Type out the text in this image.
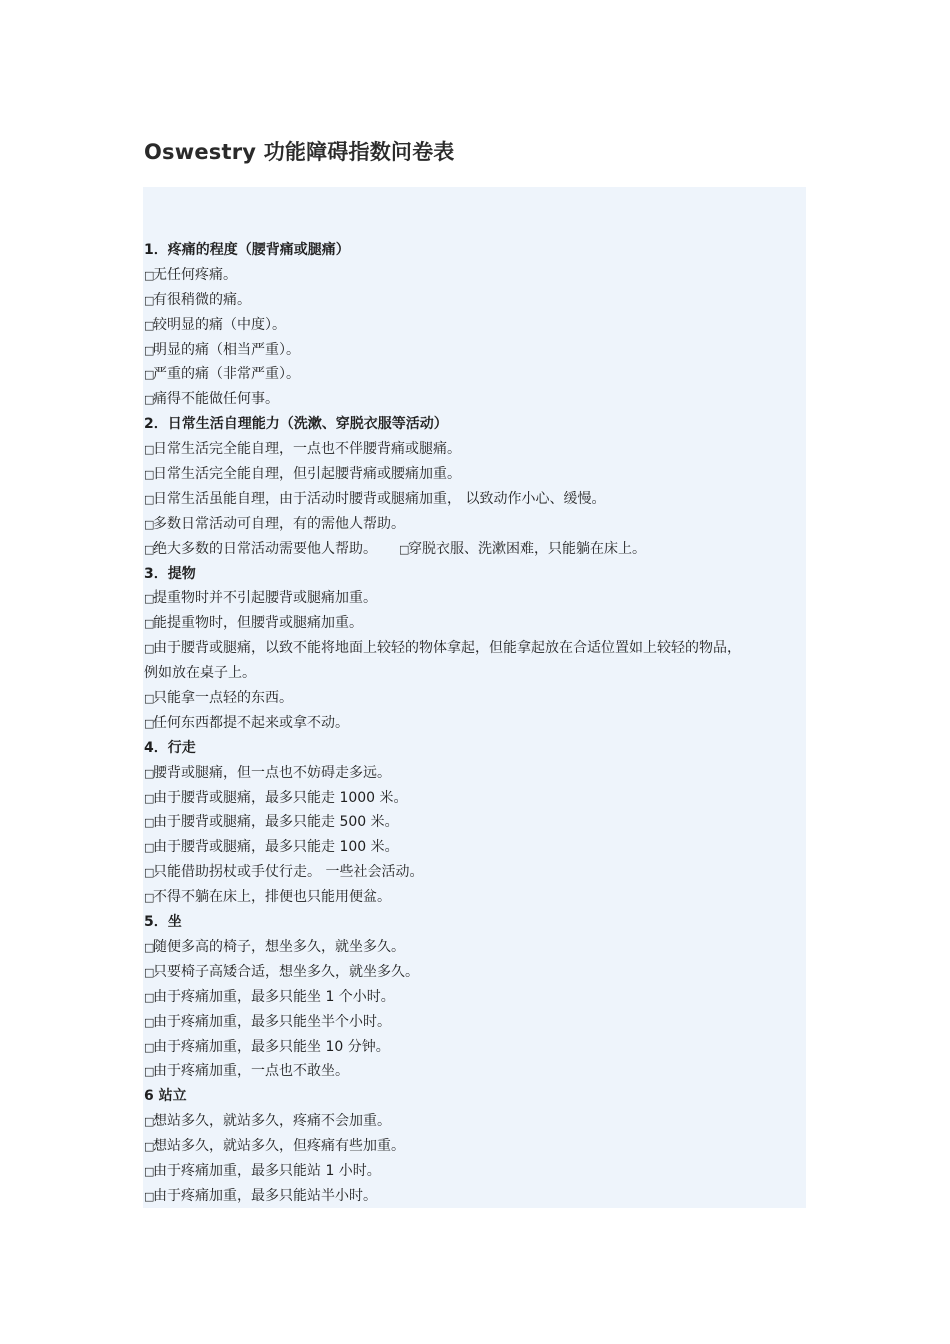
Oswestry 功能障碍指数问卷表
1．疼痛的程度（腰背痛或腿痛）
□无任何疼痛。
□有很稍微的痛。
□较明显的痛（中度）。
□明显的痛（相当严重）。
□严重的痛（非常严重）。
□痛得不能做任何事。
2．日常生活自理能力（洗漱、穿脱衣服等活动）
□日常生活完全能自理，一点也不伴腰背痛或腿痛。
□日常生活完全能自理，但引起腰背痛或腰痛加重。
□日常生活虽能自理，由于活动时腰背或腿痛加重， 以致动作小心、缓慢。
□多数日常活动可自理，有的需他人帮助。
□绝大多数的日常活动需要他人帮助。 □穿脱衣服、洗漱困难，只能躺在床上。
3．提物
□提重物时并不引起腰背或腿痛加重。
□能提重物时，但腰背或腿痛加重。
□由于腰背或腿痛，以致不能将地面上较轻的物体拿起，但能拿起放在合适位置如上较轻的物品，
例如放在桌子上。
□只能拿一点轻的东西。
□任何东西都提不起来或拿不动。
4．行走
□腰背或腿痛，但一点也不妨碍走多远。
□由于腰背或腿痛，最多只能走 1000 米。
□由于腰背或腿痛，最多只能走 500 米。
□由于腰背或腿痛，最多只能走 100 米。
□只能借助拐杖或手仗行走。 一些社会活动。
□不得不躺在床上，排便也只能用便盆。
5．坐
□随便多高的椅子，想坐多久，就坐多久。
□只要椅子高矮合适，想坐多久，就坐多久。
□由于疼痛加重，最多只能坐 1 个小时。
□由于疼痛加重，最多只能坐半个小时。
□由于疼痛加重，最多只能坐 10 分钟。
□由于疼痛加重，一点也不敢坐。
6 站立
□想站多久，就站多久，疼痛不会加重。
□想站多久，就站多久，但疼痛有些加重。
□由于疼痛加重，最多只能站 1 小时。
□由于疼痛加重，最多只能站半小时。
